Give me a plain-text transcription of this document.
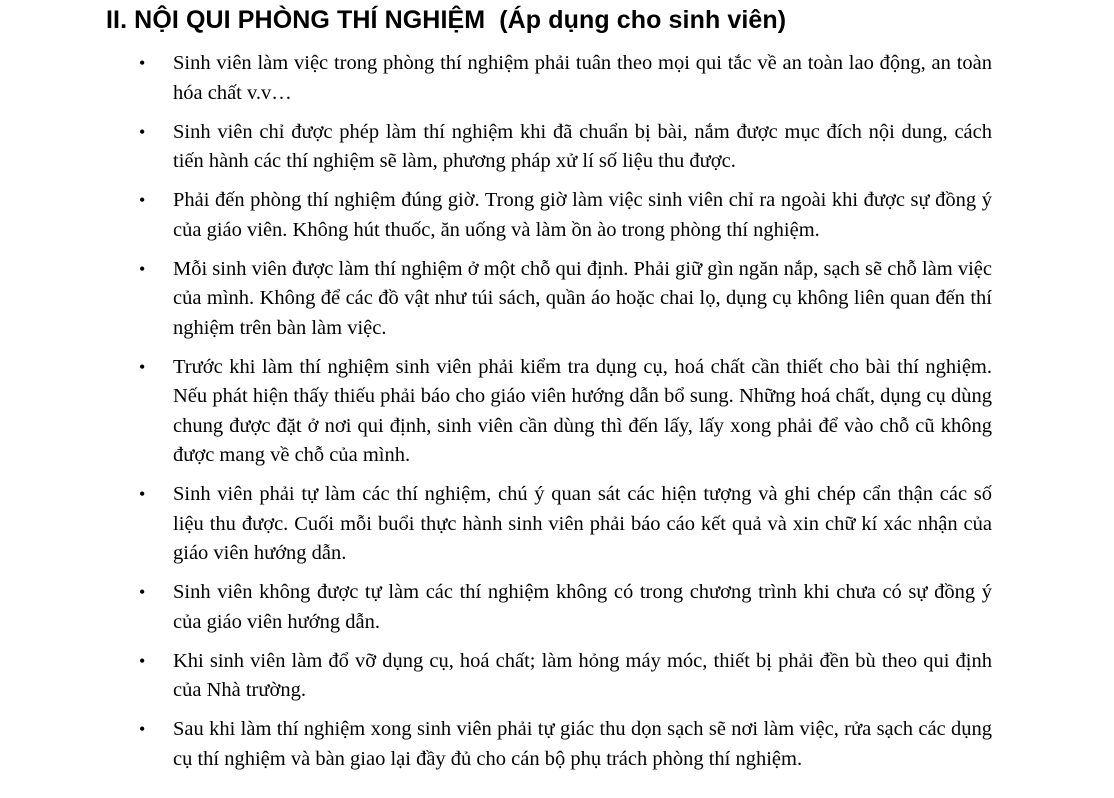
II. NỘI QUI PHÒNG THÍ NGHIỆM (Áp dụng cho sinh viên)
• Sinh viên làm việc trong phòng thí nghiệm phải tuân theo mọi qui tắc về an toàn lao động, an toàn hóa chất v.v…
• Sinh viên chỉ được phép làm thí nghiệm khi đã chuẩn bị bài, nắm được mục đích nội dung, cách tiến hành các thí nghiệm sẽ làm, phương pháp xử lí số liệu thu được.
• Phải đến phòng thí nghiệm đúng giờ. Trong giờ làm việc sinh viên chỉ ra ngoài khi được sự đồng ý của giáo viên. Không hút thuốc, ăn uống và làm ồn ào trong phòng thí nghiệm.
• Mỗi sinh viên được làm thí nghiệm ở một chỗ qui định. Phải giữ gìn ngăn nắp, sạch sẽ chỗ làm việc của mình. Không để các đồ vật như túi sách, quần áo hoặc chai lọ, dụng cụ không liên quan đến thí nghiệm trên bàn làm việc.
• Trước khi làm thí nghiệm sinh viên phải kiểm tra dụng cụ, hoá chất cần thiết cho bài thí nghiệm. Nếu phát hiện thấy thiếu phải báo cho giáo viên hướng dẫn bổ sung. Những hoá chất, dụng cụ dùng chung được đặt ở nơi qui định, sinh viên cần dùng thì đến lấy, lấy xong phải để vào chỗ cũ không được mang về chỗ của mình.
• Sinh viên phải tự làm các thí nghiệm, chú ý quan sát các hiện tượng và ghi chép cẩn thận các số liệu thu được. Cuối mỗi buổi thực hành sinh viên phải báo cáo kết quả và xin chữ kí xác nhận của giáo viên hướng dẫn.
• Sinh viên không được tự làm các thí nghiệm không có trong chương trình khi chưa có sự đồng ý của giáo viên hướng dẫn.
• Khi sinh viên làm đổ vỡ dụng cụ, hoá chất; làm hỏng máy móc, thiết bị phải đền bù theo qui định của Nhà trường.
• Sau khi làm thí nghiệm xong sinh viên phải tự giác thu dọn sạch sẽ nơi làm việc, rửa sạch các dụng cụ thí nghiệm và bàn giao lại đầy đủ cho cán bộ phụ trách phòng thí nghiệm.
